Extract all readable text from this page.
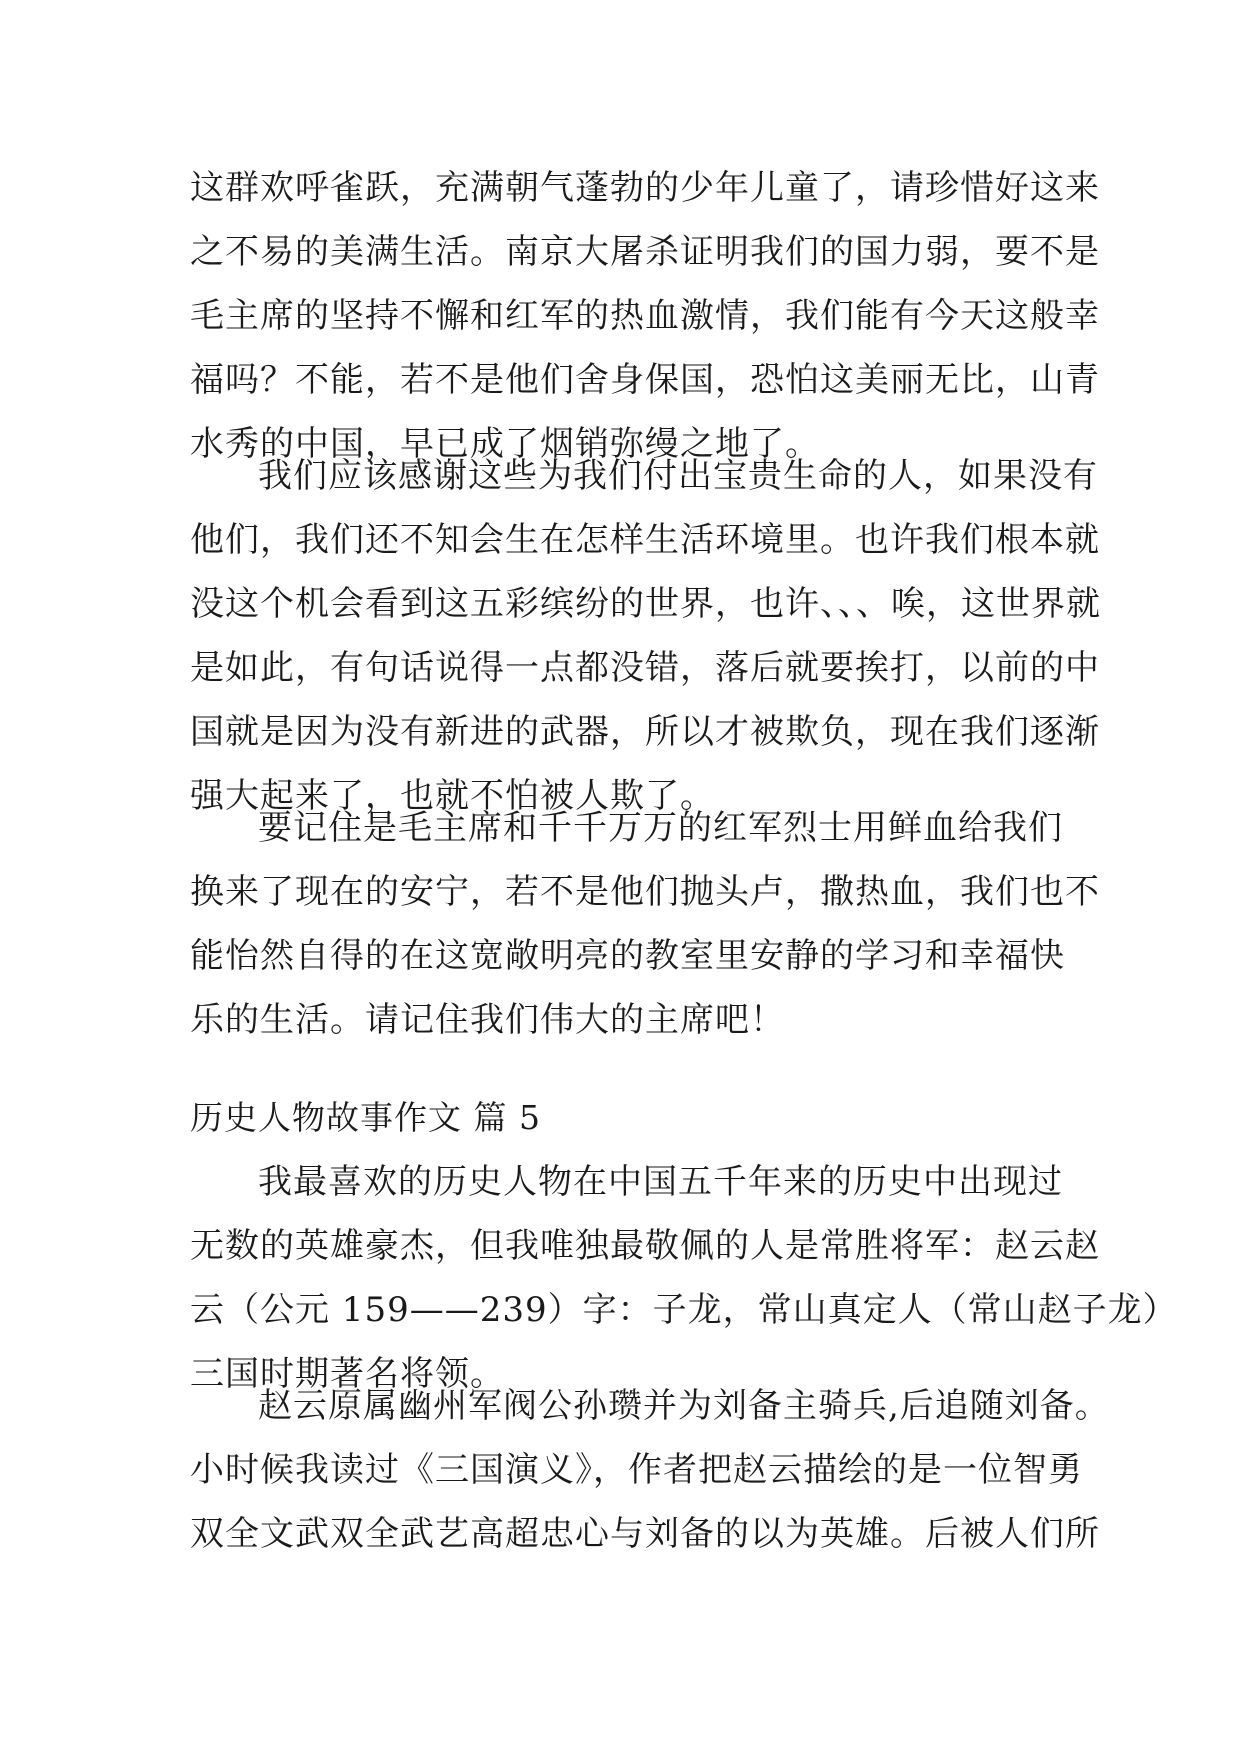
这群欢呼雀跃，充满朝气蓬勃的少年儿童了，请珍惜好这来
之不易的美满生活。南京大屠杀证明我们的国力弱，要不是
毛主席的坚持不懈和红军的热血激情，我们能有今天这般幸
福吗？不能，若不是他们舍身保国，恐怕这美丽无比，山青
水秀的中国，早已成了烟销弥缦之地了。
我们应该感谢这些为我们付出宝贵生命的人，如果没有
他们，我们还不知会生在怎样生活环境里。也许我们根本就
没这个机会看到这五彩缤纷的世界，也许、、、唉，这世界就
是如此，有句话说得一点都没错，落后就要挨打，以前的中
国就是因为没有新进的武器，所以才被欺负，现在我们逐渐
强大起来了，也就不怕被人欺了。
要记住是毛主席和千千万万的红军烈士用鲜血给我们
换来了现在的安宁，若不是他们抛头卢，撒热血，我们也不
能怡然自得的在这宽敞明亮的教室里安静的学习和幸福快
乐的生活。请记住我们伟大的主席吧！
历史人物故事作文 篇 5
我最喜欢的历史人物在中国五千年来的历史中出现过
无数的英雄豪杰，但我唯独最敬佩的人是常胜将军：赵云赵
云（公元 159——239）字：子龙，常山真定人（常山赵子龙）
三国时期著名将领。
赵云原属幽州军阀公孙瓒并为刘备主骑兵,后追随刘备。
小时候我读过《三国演义》，作者把赵云描绘的是一位智勇
双全文武双全武艺高超忠心与刘备的以为英雄。后被人们所
